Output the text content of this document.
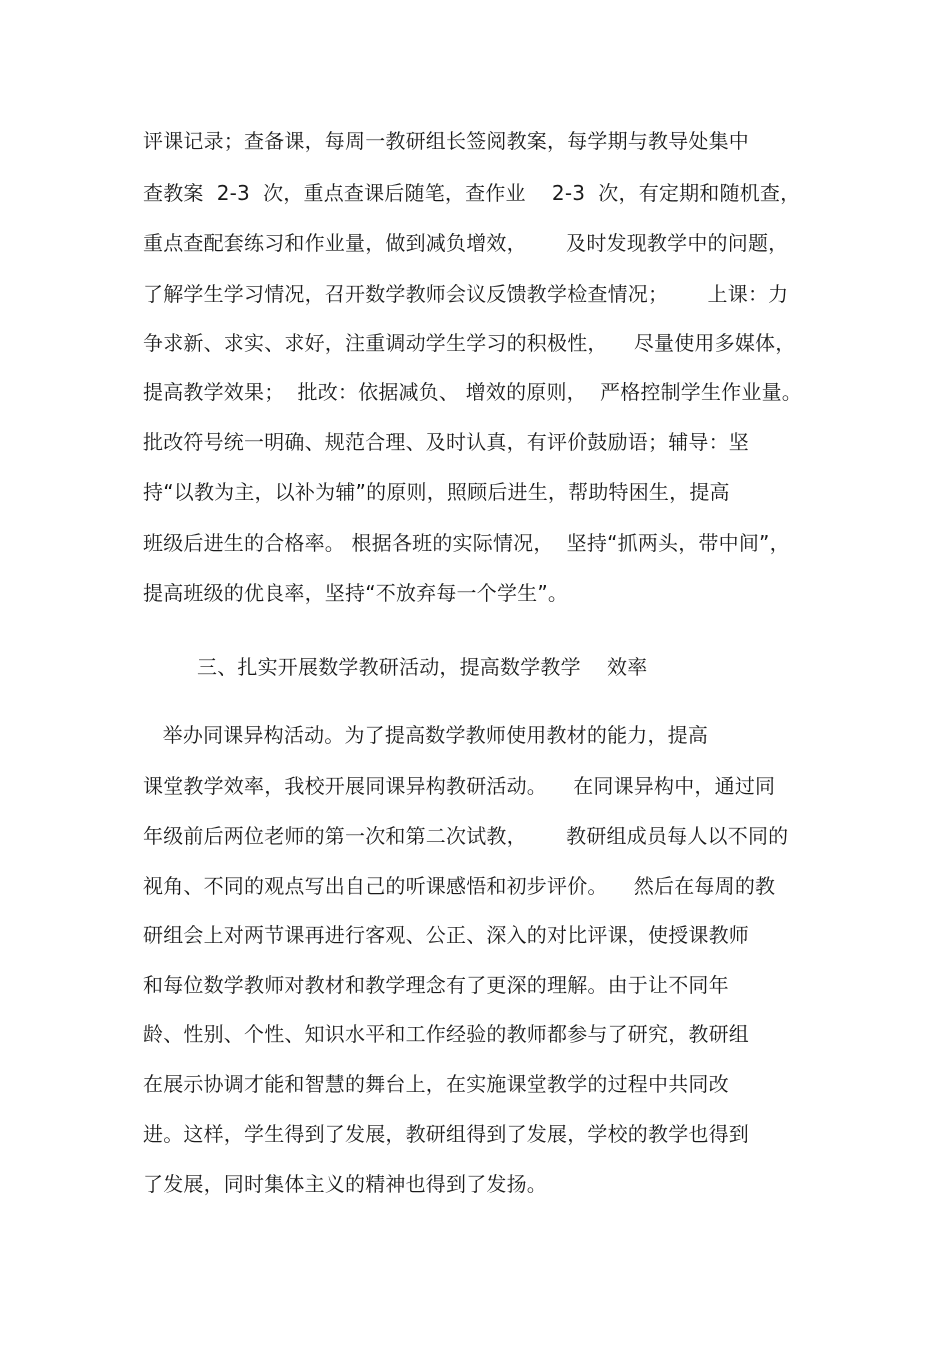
评课记录；查备课，每周一教研组长签阅教案，每学期与教导处集中
查教案  2-3  次，重点查课后随笔，查作业    2-3  次，有定期和随机查，
重点查配套练习和作业量，做到减负增效，      及时发现教学中的问题，
了解学生学习情况，召开数学教师会议反馈教学检查情况；      上课：力
争求新、求实、求好，注重调动学生学习的积极性，    尽量使用多媒体，
提高教学效果；  批改：依据减负、 增效的原则，  严格控制学生作业量。
批改符号统一明确、规范合理、及时认真，有评价鼓励语；辅导：坚
持“以教为主，以补为辅”的原则，照顾后进生，帮助特困生，提高
班级后进生的合格率。 根据各班的实际情况，  坚持“抓两头，带中间”，
提高班级的优良率，坚持“不放弃每一个学生”。
三、扎实开展数学教研活动，提高数学教学    效率
举办同课异构活动。为了提高数学教师使用教材的能力，提高
课堂教学效率，我校开展同课异构教研活动。    在同课异构中，通过同
年级前后两位老师的第一次和第二次试教，      教研组成员每人以不同的
视角、不同的观点写出自己的听课感悟和初步评价。    然后在每周的教
研组会上对两节课再进行客观、公正、深入的对比评课，使授课教师
和每位数学教师对教材和教学理念有了更深的理解。由于让不同年
龄、性别、个性、知识水平和工作经验的教师都参与了研究，教研组
在展示协调才能和智慧的舞台上，在实施课堂教学的过程中共同改
进。这样，学生得到了发展，教研组得到了发展，学校的教学也得到
了发展，同时集体主义的精神也得到了发扬。
